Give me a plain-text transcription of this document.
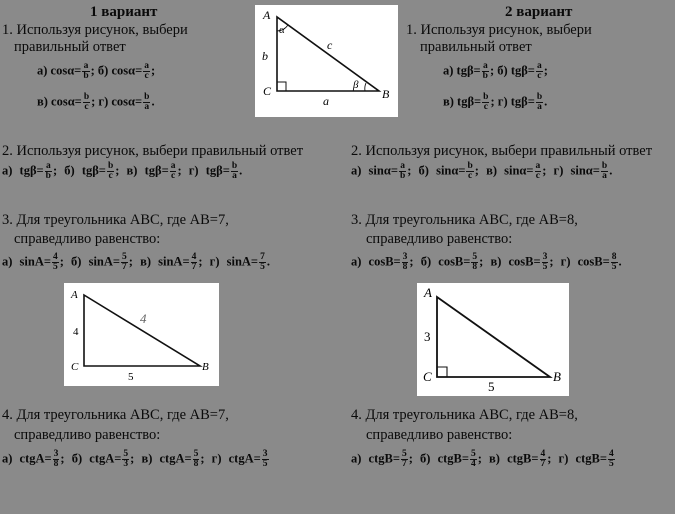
1 вариант	2 вариант
A
C	B
b
a
c
α
β
1. Используя рисунок, выбери
правильный ответ
а) $\cos\alpha= \frac{a}{b}$ ; б) $\cos\alpha= \frac{a}{c}$ ;
в) $\cos\alpha= \frac{b}{c}$ ; г) $\cos\alpha= \frac{b}{a}$ .
2. Используя рисунок, выбери правильный ответ
а) $tg\beta= \frac{a}{b}$ ; б) $tg\beta= \frac{b}{c}$ ; в) $tg\beta= \frac{a}{c}$ ; г) $tg\beta= \frac{b}{a}$ .
3. Для треугольника ABC, где AB=7,
справедливо равенство:
а) $\sin A= \frac{4}{5}$ ; б) $\sin A= \frac{5}{7}$ ; в) $\sin A= \frac{4}{7}$ ; г) $\sin A= \frac{7}{5}$ .
A
C	B
4
5
4
4. Для треугольника ABC, где AB=7,
справедливо равенство:
а) ctgA= $\frac{3}{8}$ ; б) ctgA= $\frac{5}{3}$ ; в) ctgA= $\frac{5}{8}$ ; г) ctgA= $\frac{3}{5}$
1. Используя рисунок, выбери
правильный ответ
а) $tg\beta= \frac{a}{b}$ ; б) $tg\beta= \frac{a}{c}$ ;
в) $tg\beta= \frac{b}{c}$ ; г) $tg\beta= \frac{b}{a}$ .
2. Используя рисунок, выбери правильный ответ
а) $\sin\alpha= \frac{a}{b}$ ; б) $\sin\alpha= \frac{b}{c}$ ; в) $\sin\alpha= \frac{a}{c}$ ; г) $\sin\alpha= \frac{b}{a}$ .
3. Для треугольника ABC, где AB=8,
справедливо равенство:
а) $\cos B= \frac{3}{8}$ ; б) $\cos B= \frac{5}{8}$ ; в) $\cos B= \frac{3}{5}$ ; г) $\cos B= \frac{8}{5}$ .
A
C	B
3
5
4. Для треугольника ABC, где AB=8,
справедливо равенство:
а) ctgB= $\frac{5}{7}$ ; б) ctgB= $\frac{5}{4}$ ; в) ctgB= $\frac{4}{7}$ ; г) ctgB= $\frac{4}{5}$
